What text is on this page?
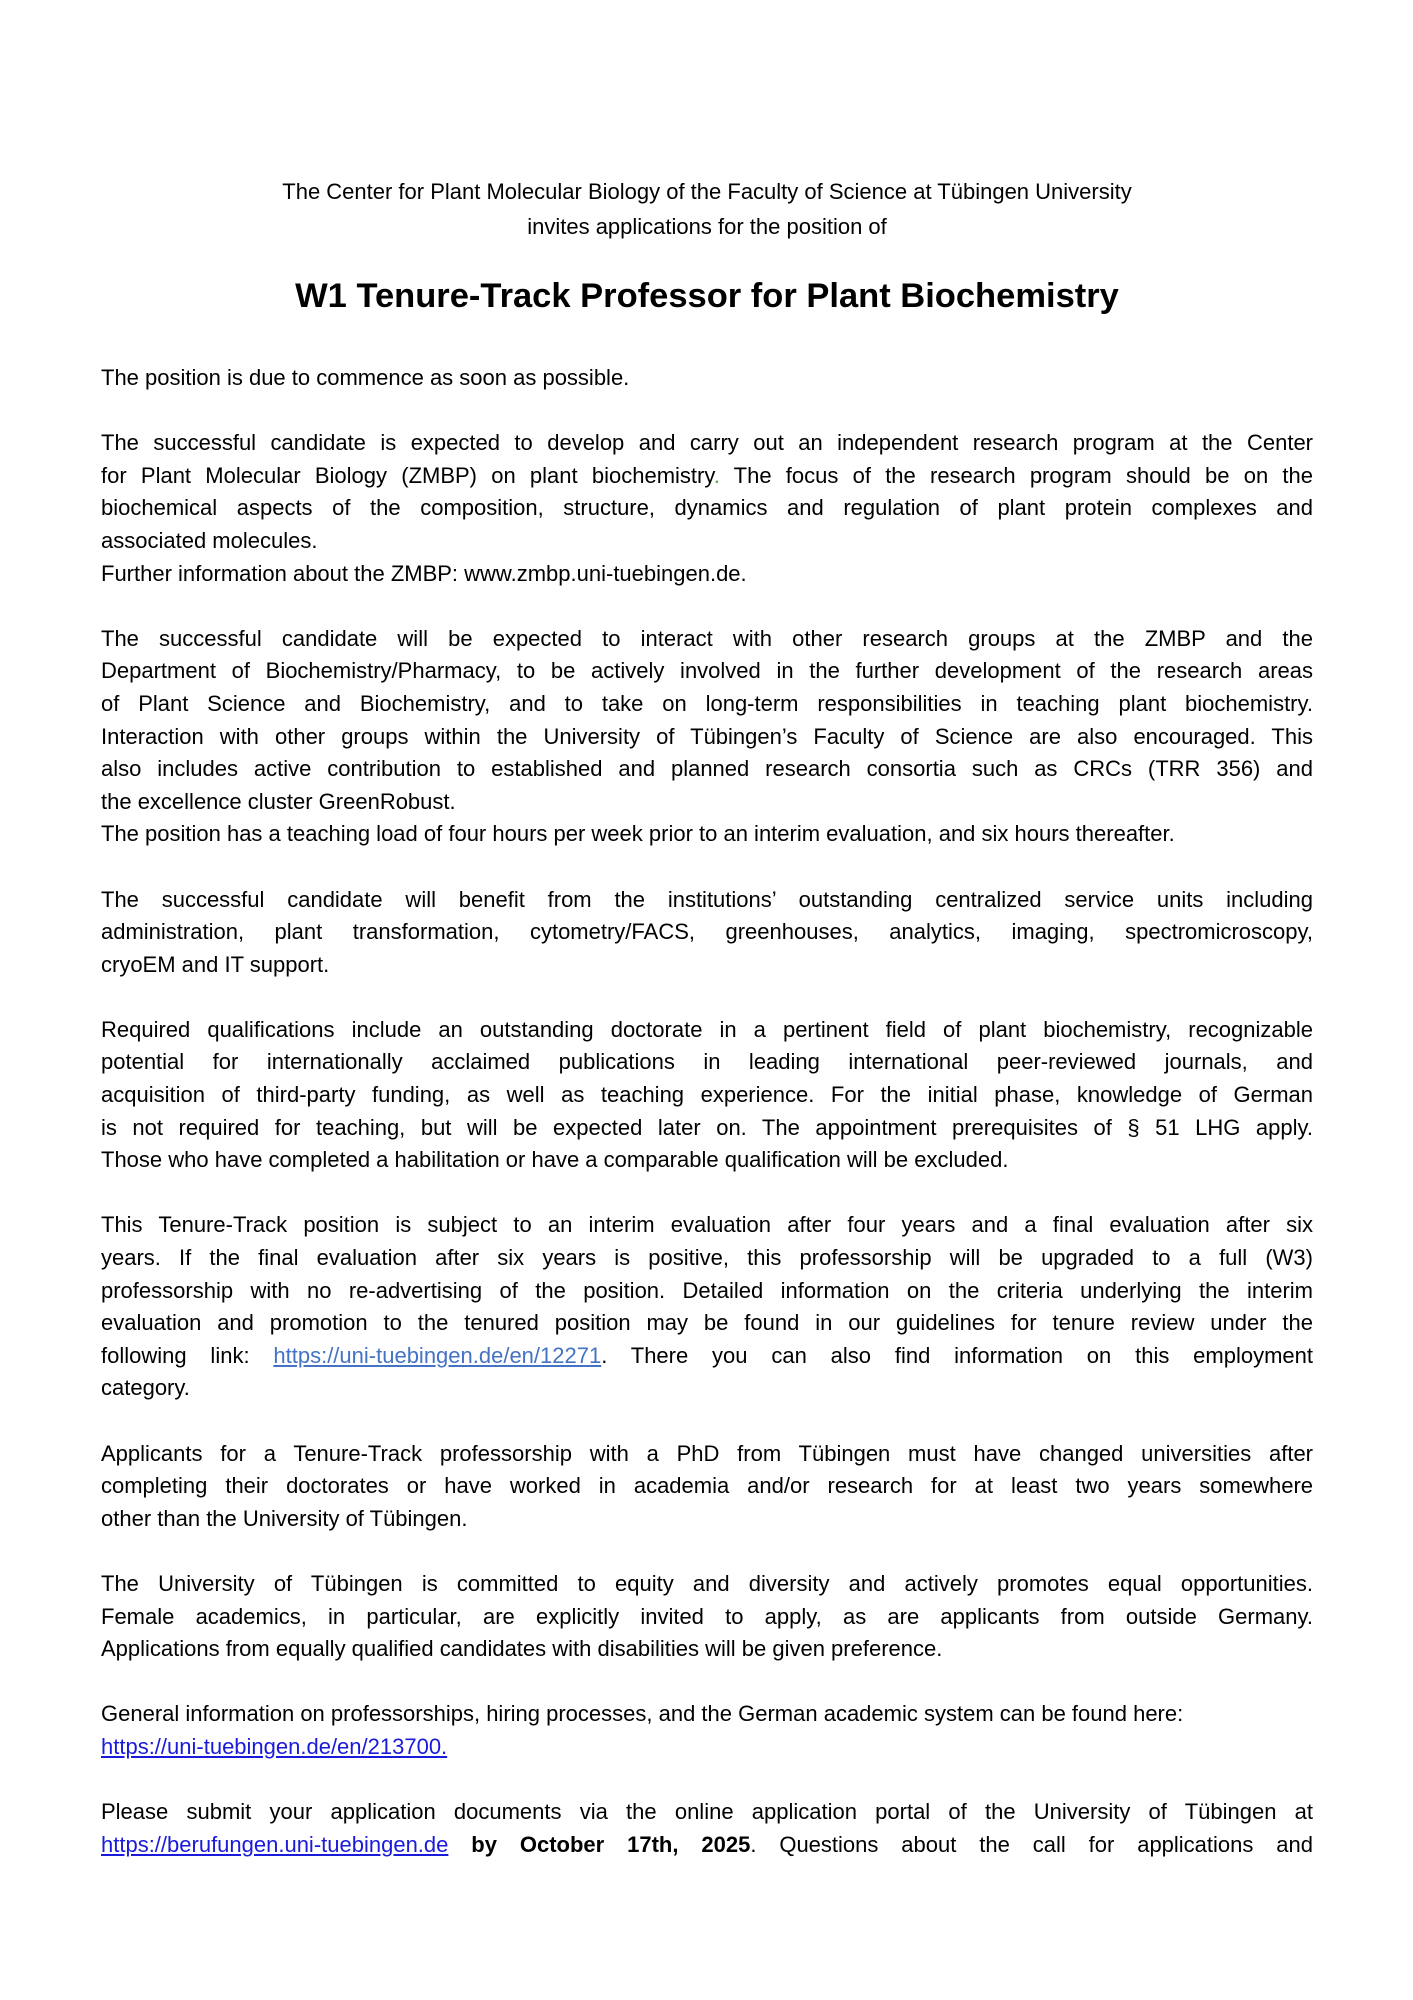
The Center for Plant Molecular Biology of the Faculty of Science at Tübingen University
invites applications for the position of
W1 Tenure-Track Professor for Plant Biochemistry

The position is due to commence as soon as possible.

The successful candidate is expected to develop and carry out an independent research program at the Center
for Plant Molecular Biology (ZMBP) on plant biochemistry. The focus of the research program should be on the
biochemical aspects of the composition, structure, dynamics and regulation of plant protein complexes and
associated molecules.
Further information about the ZMBP: www.zmbp.uni-tuebingen.de.

The successful candidate will be expected to interact with other research groups at the ZMBP and the
Department of Biochemistry/Pharmacy, to be actively involved in the further development of the research areas
of Plant Science and Biochemistry, and to take on long-term responsibilities in teaching plant biochemistry.
Interaction with other groups within the University of Tübingen’s Faculty of Science are also encouraged. This
also includes active contribution to established and planned research consortia such as CRCs (TRR 356) and
the excellence cluster GreenRobust.
The position has a teaching load of four hours per week prior to an interim evaluation, and six hours thereafter.

The successful candidate will benefit from the institutions’ outstanding centralized service units including
administration, plant transformation, cytometry/FACS, greenhouses, analytics, imaging, spectromicroscopy,
cryoEM and IT support.

Required qualifications include an outstanding doctorate in a pertinent field of plant biochemistry, recognizable
potential for internationally acclaimed publications in leading international peer-reviewed journals, and
acquisition of third-party funding, as well as teaching experience. For the initial phase, knowledge of German
is not required for teaching, but will be expected later on. The appointment prerequisites of § 51 LHG apply.
Those who have completed a habilitation or have a comparable qualification will be excluded.

This Tenure-Track position is subject to an interim evaluation after four years and a final evaluation after six
years. If the final evaluation after six years is positive, this professorship will be upgraded to a full (W3)
professorship with no re-advertising of the position. Detailed information on the criteria underlying the interim
evaluation and promotion to the tenured position may be found in our guidelines for tenure review under the
following link: https://uni-tuebingen.de/en/12271. There you can also find information on this employment
category.

Applicants for a Tenure-Track professorship with a PhD from Tübingen must have changed universities after
completing their doctorates or have worked in academia and/or research for at least two years somewhere
other than the University of Tübingen.

The University of Tübingen is committed to equity and diversity and actively promotes equal opportunities.
Female academics, in particular, are explicitly invited to apply, as are applicants from outside Germany.
Applications from equally qualified candidates with disabilities will be given preference.

General information on professorships, hiring processes, and the German academic system can be found here:
https://uni-tuebingen.de/en/213700.

Please submit your application documents via the online application portal of the University of Tübingen at
https://berufungen.uni-tuebingen.de by October 17th, 2025. Questions about the call for applications and
